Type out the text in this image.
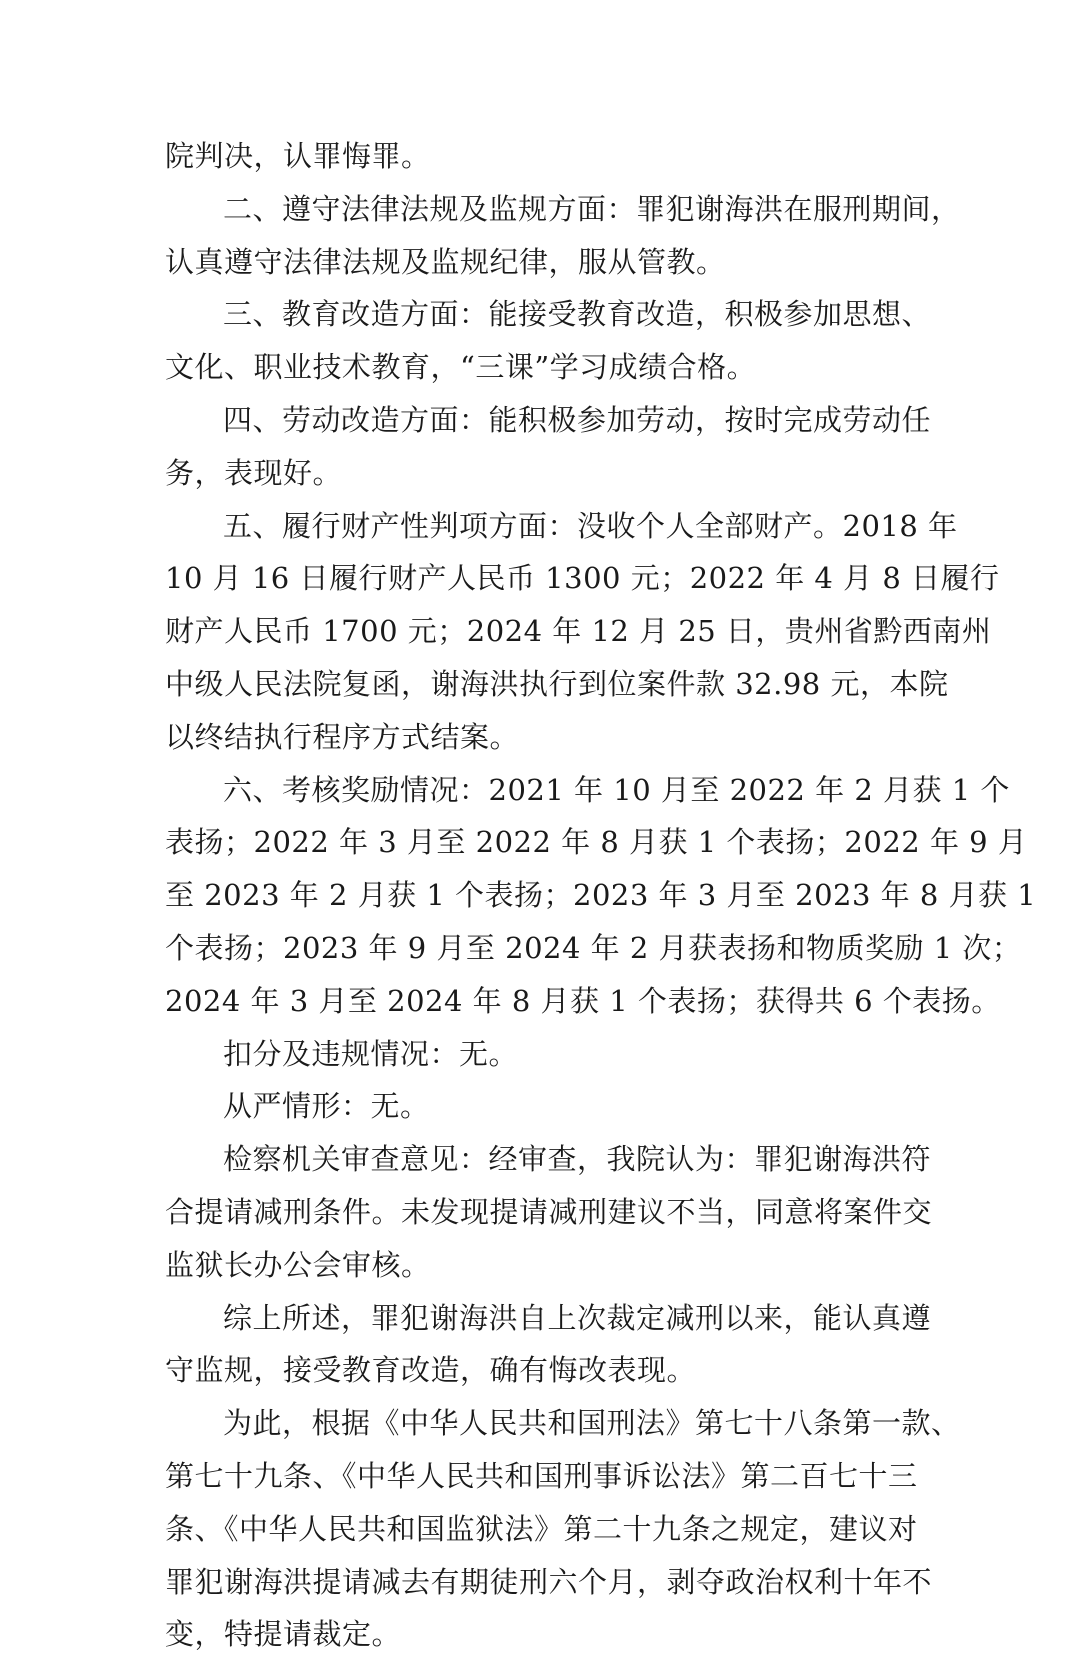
院判决，认罪悔罪。
二、遵守法律法规及监规方面：罪犯谢海洪在服刑期间，
认真遵守法律法规及监规纪律，服从管教。
三、教育改造方面：能接受教育改造，积极参加思想、
文化、职业技术教育，“三课”学习成绩合格。
四、劳动改造方面：能积极参加劳动，按时完成劳动任
务，表现好。
五、履行财产性判项方面：没收个人全部财产。2018 年
10 月 16 日履行财产人民币 1300 元；2022 年 4 月 8 日履行
财产人民币 1700 元；2024 年 12 月 25 日，贵州省黔西南州
中级人民法院复函，谢海洪执行到位案件款 32.98 元，本院
以终结执行程序方式结案。
六、考核奖励情况：2021 年 10 月至 2022 年 2 月获 1 个
表扬；2022 年 3 月至 2022 年 8 月获 1 个表扬；2022 年 9 月
至 2023 年 2 月获 1 个表扬；2023 年 3 月至 2023 年 8 月获 1
个表扬；2023 年 9 月至 2024 年 2 月获表扬和物质奖励 1 次；
2024 年 3 月至 2024 年 8 月获 1 个表扬；获得共 6 个表扬。
扣分及违规情况：无。
从严情形：无。
检察机关审查意见：经审查，我院认为：罪犯谢海洪符
合提请减刑条件。未发现提请减刑建议不当，同意将案件交
监狱长办公会审核。
综上所述，罪犯谢海洪自上次裁定减刑以来，能认真遵
守监规，接受教育改造，确有悔改表现。
为此，根据《中华人民共和国刑法》第七十八条第一款、
第七十九条、《中华人民共和国刑事诉讼法》第二百七十三
条、《中华人民共和国监狱法》第二十九条之规定，建议对
罪犯谢海洪提请减去有期徒刑六个月，剥夺政治权利十年不
变，特提请裁定。
